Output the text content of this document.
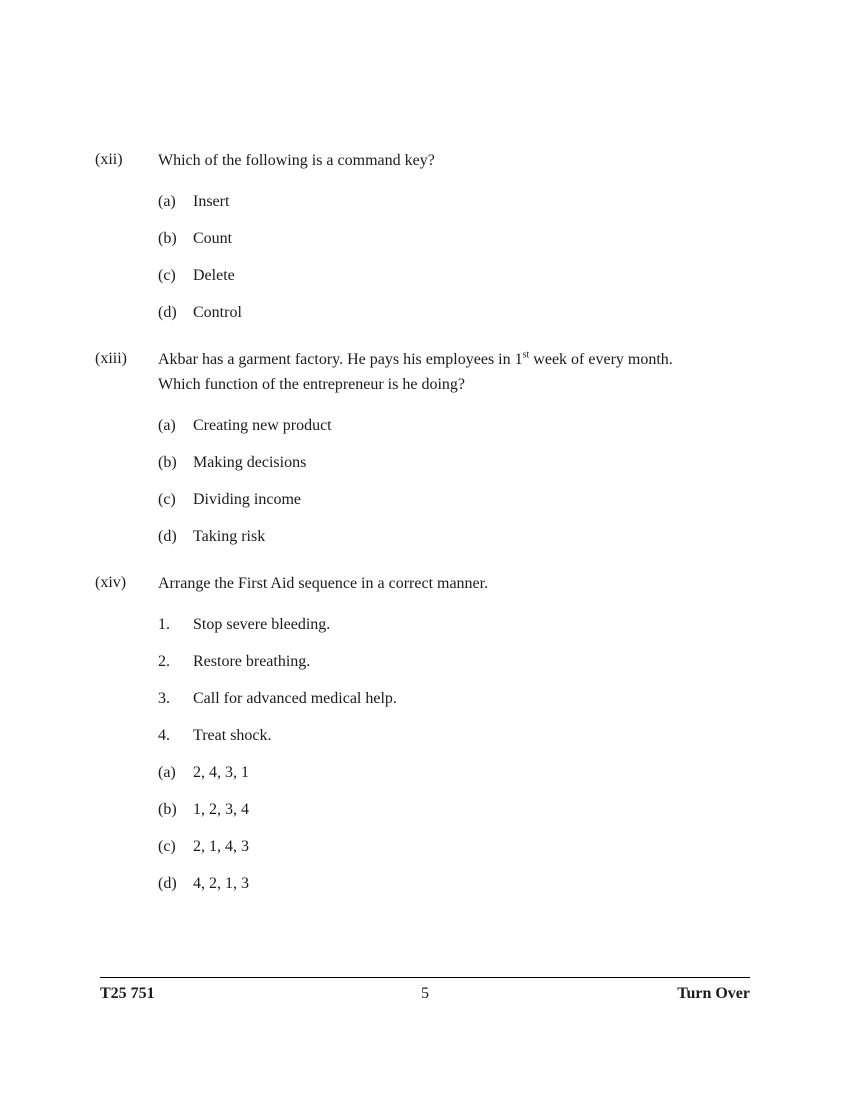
(xii)	Which of the following is a command key?
(a)	Insert
(b)	Count
(c)	Delete
(d)	Control
(xiii)	Akbar has a garment factory. He pays his employees in 1st week of every month.
Which function of the entrepreneur is he doing?
(a)	Creating new product
(b)	Making decisions
(c)	Dividing income
(d)	Taking risk
(xiv)	Arrange the First Aid sequence in a correct manner.
1.	Stop severe bleeding.
2.	Restore breathing.
3.	Call for advanced medical help.
4.	Treat shock.
(a)	2, 4, 3, 1
(b)	1, 2, 3, 4
(c)	2, 1, 4, 3
(d)	4, 2, 1, 3
T25 751	5	Turn Over
